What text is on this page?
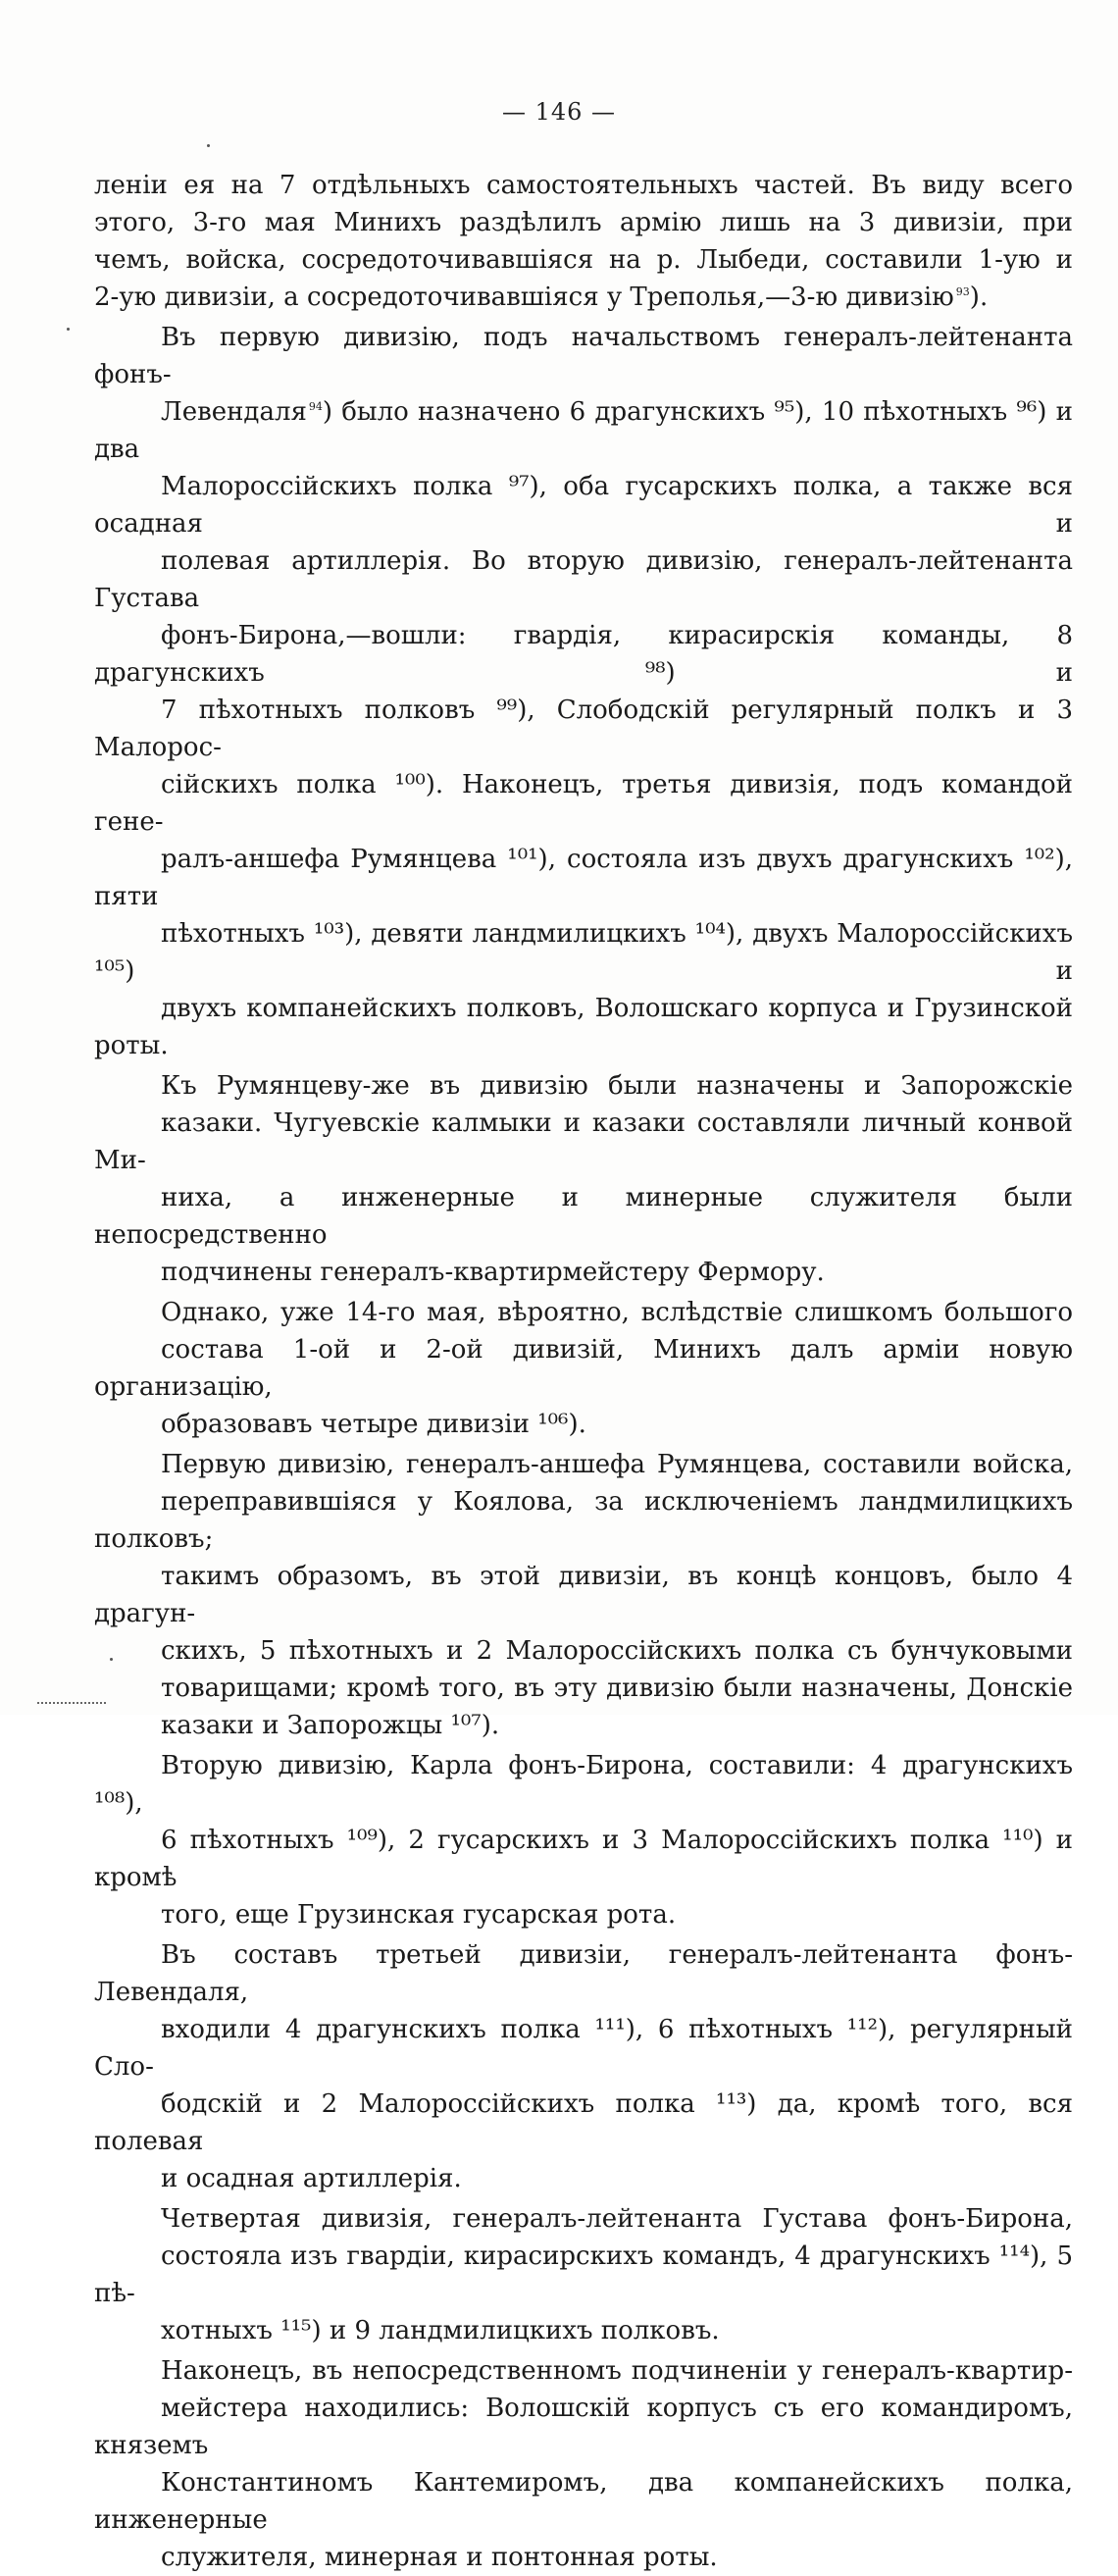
— 146 —
леніи ея на 7 отдѣльныхъ самостоятельныхъ частей. Въ виду всего
этого, 3-го мая Минихъ раздѣлилъ армію лишь на 3 дивизіи, при
чемъ, войска, сосредоточивавшіяся на р. Лыбеди, составили 1-ую и
2-ую дивизіи, а сосредоточивавшіяся у Треполья,—3-ю дивизію $^{93}$).
Въ первую дивизію, подъ начальствомъ генералъ-лейтенанта фонъ-
Левендаля $^{94}$) было назначено 6 драгунскихъ ⁹⁵), 10 пѣхотныхъ ⁹⁶) и два
Малороссійскихъ полка ⁹⁷), оба гусарскихъ полка, а также вся осадная и
полевая артиллерія. Во вторую дивизію, генералъ-лейтенанта Густава
фонъ-Бирона,—вошли: гвардія, кирасирскія команды, 8 драгунскихъ ⁹⁸) и
7 пѣхотныхъ полковъ ⁹⁹), Слободскій регулярный полкъ и 3 Малорос-
сійскихъ полка ¹⁰⁰). Наконецъ, третья дивизія, подъ командой гене-
ралъ-аншефа Румянцева ¹⁰¹), состояла изъ двухъ драгунскихъ ¹⁰²), пяти
пѣхотныхъ ¹⁰³), девяти ландмилицкихъ ¹⁰⁴), двухъ Малороссійскихъ ¹⁰⁵) и
двухъ компанейскихъ полковъ, Волошскаго корпуса и Грузинской роты.
Къ Румянцеву-же въ дивизію были назначены и Запорожскіе
казаки. Чугуевскіе калмыки и казаки составляли личный конвой Ми-
ниха, а инженерные и минерные служителя были непосредственно
подчинены генералъ-квартирмейстеру Фермору.
Однако, уже 14-го мая, вѣроятно, вслѣдствіе слишкомъ большого
состава 1-ой и 2-ой дивизій, Минихъ далъ арміи новую организацію,
образовавъ четыре дивизіи ¹⁰⁶).
Первую дивизію, генералъ-аншефа Румянцева, составили войска,
переправившіяся у Коялова, за исключеніемъ ландмилицкихъ полковъ;
такимъ образомъ, въ этой дивизіи, въ концѣ концовъ, было 4 драгун-
скихъ, 5 пѣхотныхъ и 2 Малороссійскихъ полка съ бунчуковыми
товарищами; кромѣ того, въ эту дивизію были назначены, Донскіе
казаки и Запорожцы ¹⁰⁷).
Вторую дивизію, Карла фонъ-Бирона, составили: 4 драгунскихъ ¹⁰⁸),
6 пѣхотныхъ ¹⁰⁹), 2 гусарскихъ и 3 Малороссійскихъ полка ¹¹⁰) и кромѣ
того, еще Грузинская гусарская рота.
Въ составъ третьей дивизіи, генералъ-лейтенанта фонъ-Левендаля,
входили 4 драгунскихъ полка ¹¹¹), 6 пѣхотныхъ ¹¹²), регулярный Сло-
бодскій и 2 Малороссійскихъ полка ¹¹³) да, кромѣ того, вся полевая
и осадная артиллерія.
Четвертая дивизія, генералъ-лейтенанта Густава фонъ-Бирона,
состояла изъ гвардіи, кирасирскихъ командъ, 4 драгунскихъ ¹¹⁴), 5 пѣ-
хотныхъ ¹¹⁵) и 9 ландмилицкихъ полковъ.
Наконецъ, въ непосредственномъ подчиненіи у генералъ-квартир-
мейстера находились: Волошскій корпусъ съ его командиромъ, княземъ
Константиномъ Кантемиромъ, два компанейскихъ полка, инженерные
служителя, минерная и понтонная роты.
